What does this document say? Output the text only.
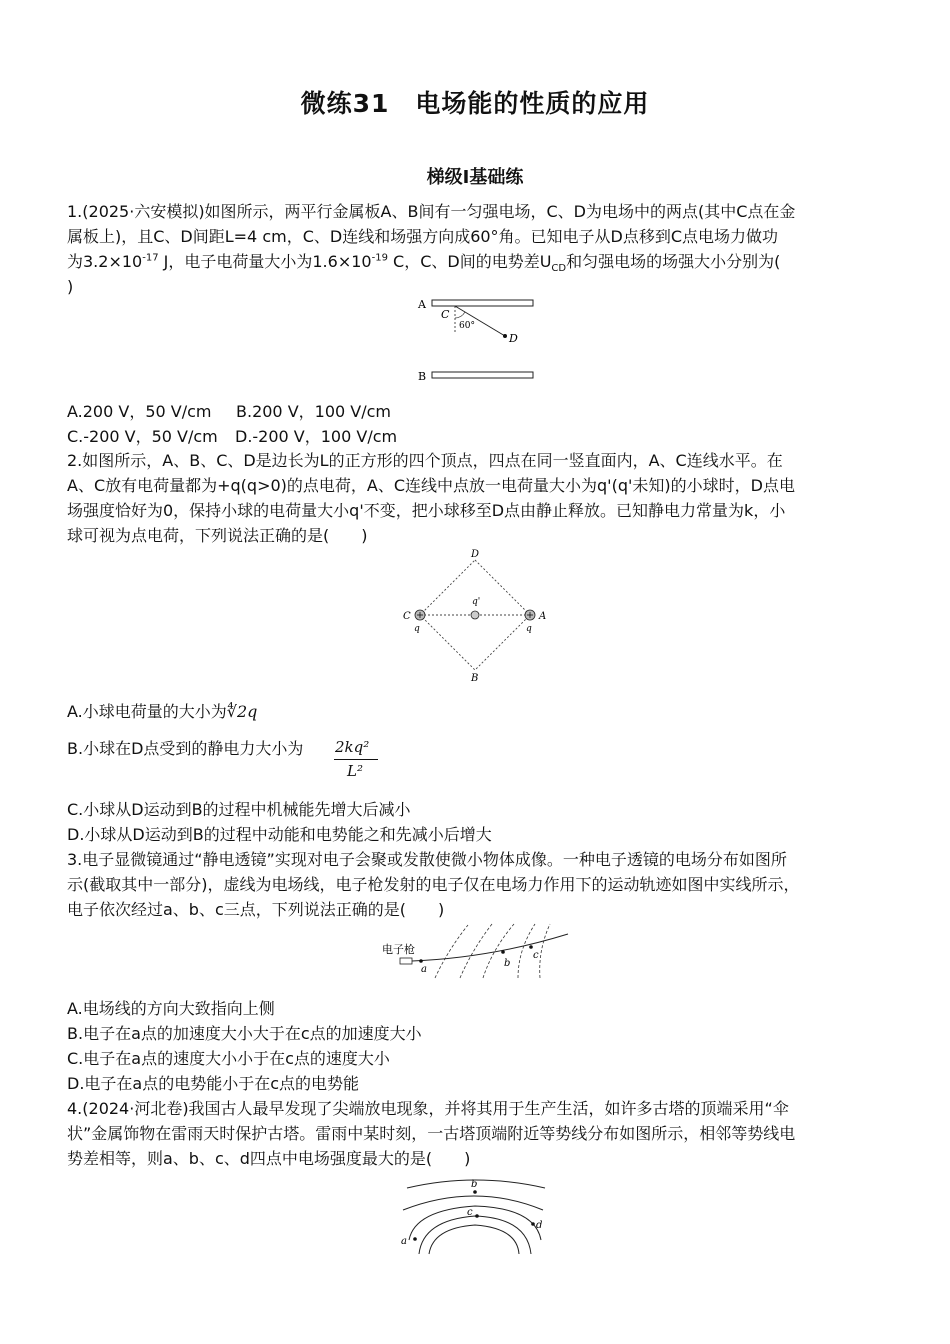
微练31　电场能的性质的应用
梯级Ⅰ基础练
1.(2025·六安模拟)如图所示，两平行金属板A、B间有一匀强电场，C、D为电场中的两点(其中C点在金
属板上)，且C、D间距L=4 cm，C、D连线和场强方向成60°角。已知电子从D点移到C点电场力做功
为$3.2\times 10^{-17}$ J，电子电荷量大小为$1.6\times 10^{-19}$ C，C、D间的电势差$U_{CD}$和匀强电场的场强大小分别为(
)
A
B
C
60°
D
A.200 V，50 V/cm B.200 V，100 V/cm
C.-200 V，50 V/cm D.-200 V，100 V/cm
2.如图所示，A、B、C、D是边长为L的正方形的四个顶点，四点在同一竖直面内，A、C连线水平。在
A、C放有电荷量都为+q(q>0)的点电荷，A、C连线中点放一电荷量大小为q'(q'未知)的小球时，D点电
场强度恰好为0，保持小球的电荷量大小q'不变，把小球移至D点由静止释放。已知静电力常量为k，小
球可视为点电荷，下列说法正确的是(　　)
D
B
C	A
q	q
q'
A.小球电荷量的大小为∜2q
B.小球在D点受到的静电力大小为 2kq²
L²
C.小球从D运动到B的过程中机械能先增大后减小
D.小球从D运动到B的过程中动能和电势能之和先减小后增大
3.电子显微镜通过“静电透镜”实现对电子会聚或发散使微小物体成像。一种电子透镜的电场分布如图所
示(截取其中一部分)，虚线为电场线，电子枪发射的电子仅在电场力作用下的运动轨迹如图中实线所示，
电子依次经过a、b、c三点，下列说法正确的是(　　)
电子枪
a
b
c
A.电场线的方向大致指向上侧
B.电子在a点的加速度大小大于在c点的加速度大小
C.电子在a点的速度大小小于在c点的速度大小
D.电子在a点的电势能小于在c点的电势能
4.(2024·河北卷)我国古人最早发现了尖端放电现象，并将其用于生产生活，如许多古塔的顶端采用“伞
状”金属饰物在雷雨天时保护古塔。雷雨中某时刻，一古塔顶端附近等势线分布如图所示，相邻等势线电
势差相等，则a、b、c、d四点中电场强度最大的是(　　)
b
c
d
a
